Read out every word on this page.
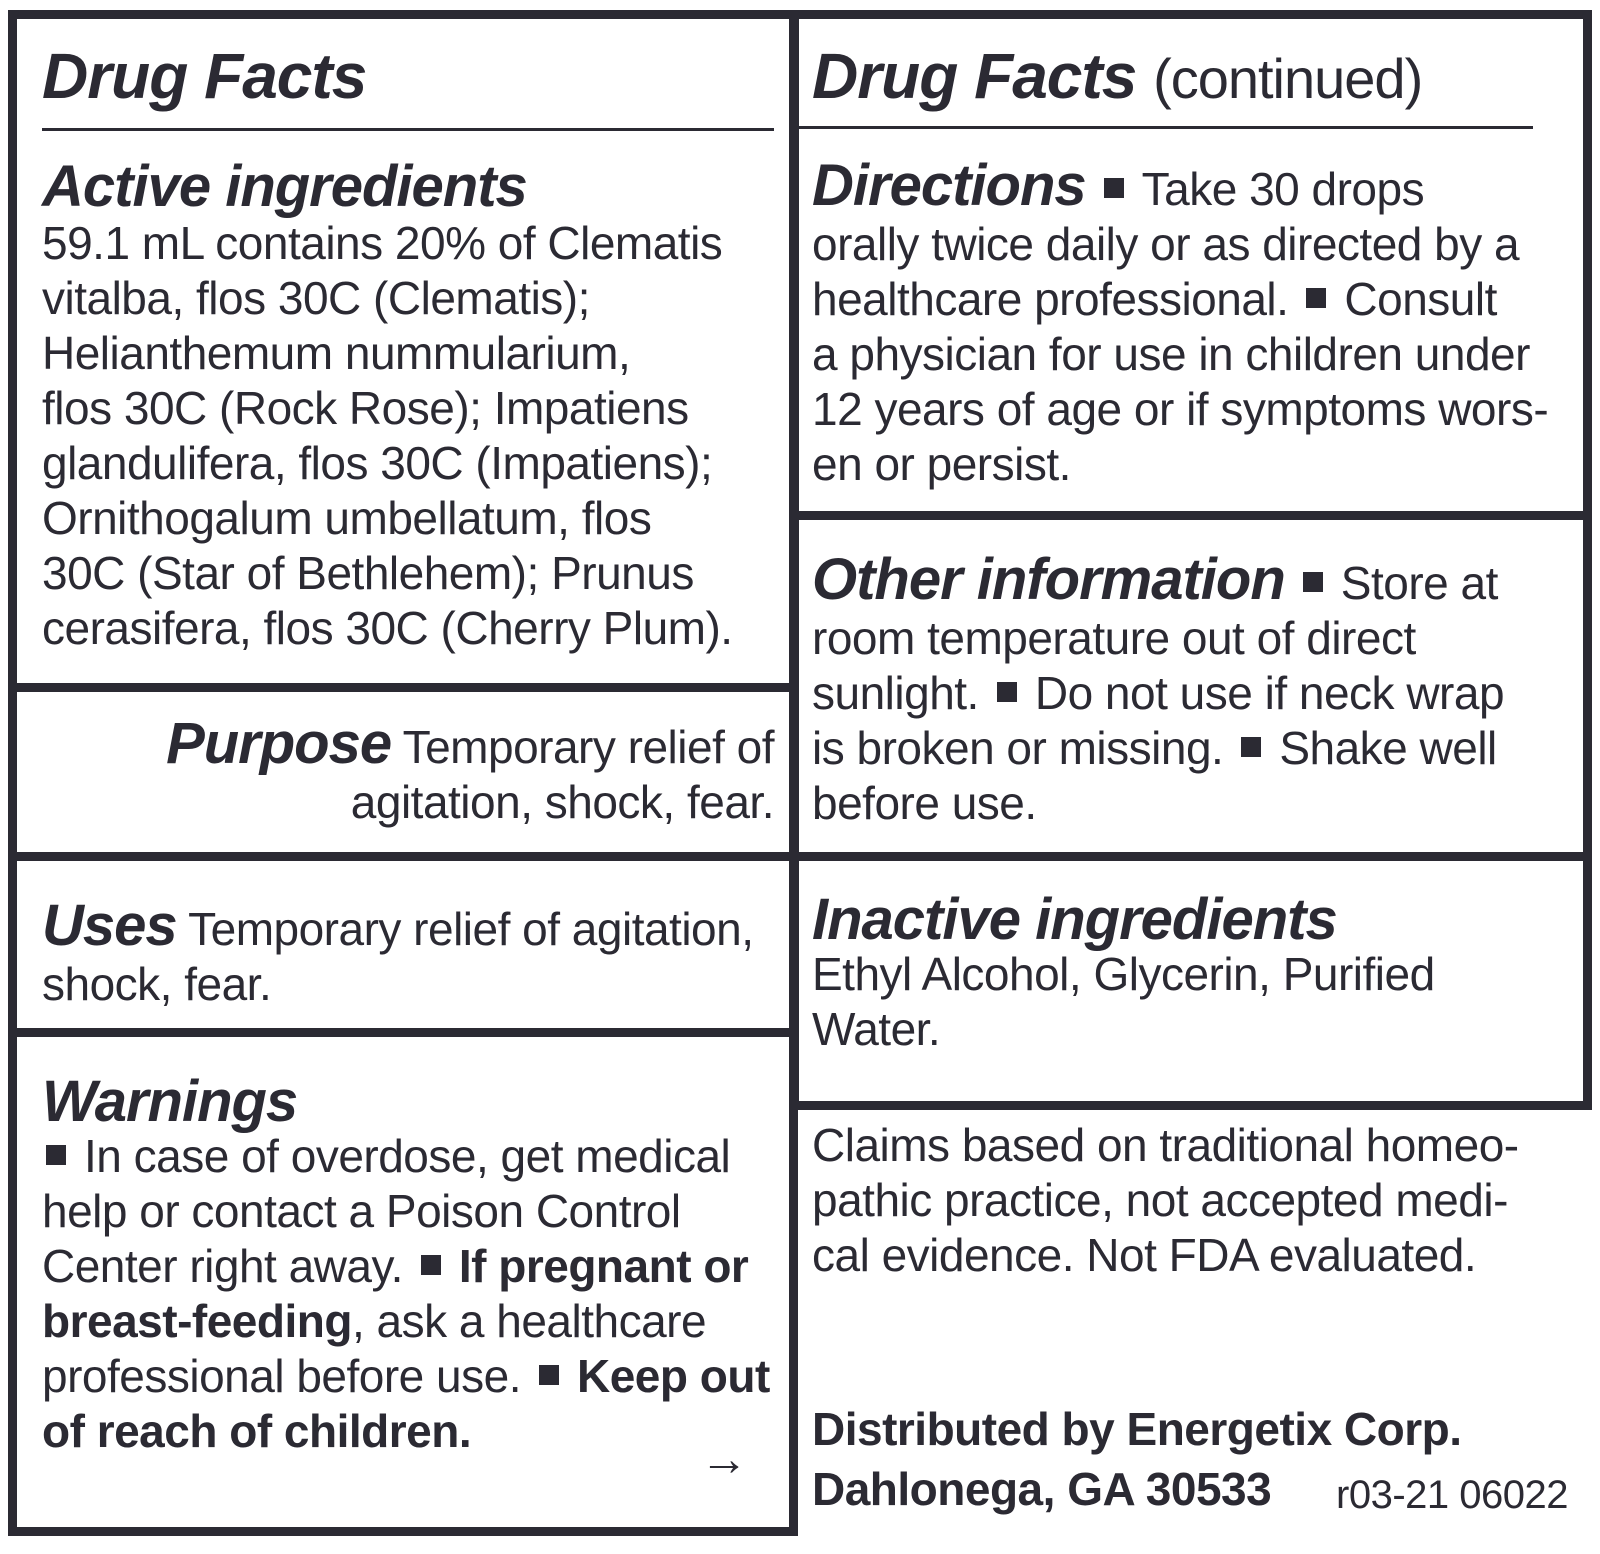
Drug Facts

Active ingredients

59.1 mL contains 20% of Clematis

vitalba, flos 30C (Clematis);

Helianthemum nummularium,

flos 30C (Rock Rose); Impatiens

glandulifera, flos 30C (Impatiens);

Ornithogalum umbellatum, flos

30C (Star of Bethlehem); Prunus

cerasifera, flos 30C (Cherry Plum).

Purpose Temporary relief of

agitation, shock, fear.

Uses Temporary relief of agitation,

shock, fear.

Warnings

In case of overdose, get medical

help or contact a Poison Control

Center right away. If pregnant or

breast-feeding, ask a healthcare

professional before use. Keep out

of reach of children.

→
Drug Facts (continued)

Directions Take 30 drops

orally twice daily or as directed by a

healthcare professional. Consult

a physician for use in children under

12 years of age or if symptoms wors-

en or persist.

Other information Store at

room temperature out of direct

sunlight. Do not use if neck wrap

is broken or missing. Shake well

before use.

Inactive ingredients

Ethyl Alcohol, Glycerin, Purified

Water.

Claims based on traditional homeo-

pathic practice, not accepted medi-

cal evidence. Not FDA evaluated.

Distributed by Energetix Corp.
Dahlonega, GA 30533 r03-21 06022
